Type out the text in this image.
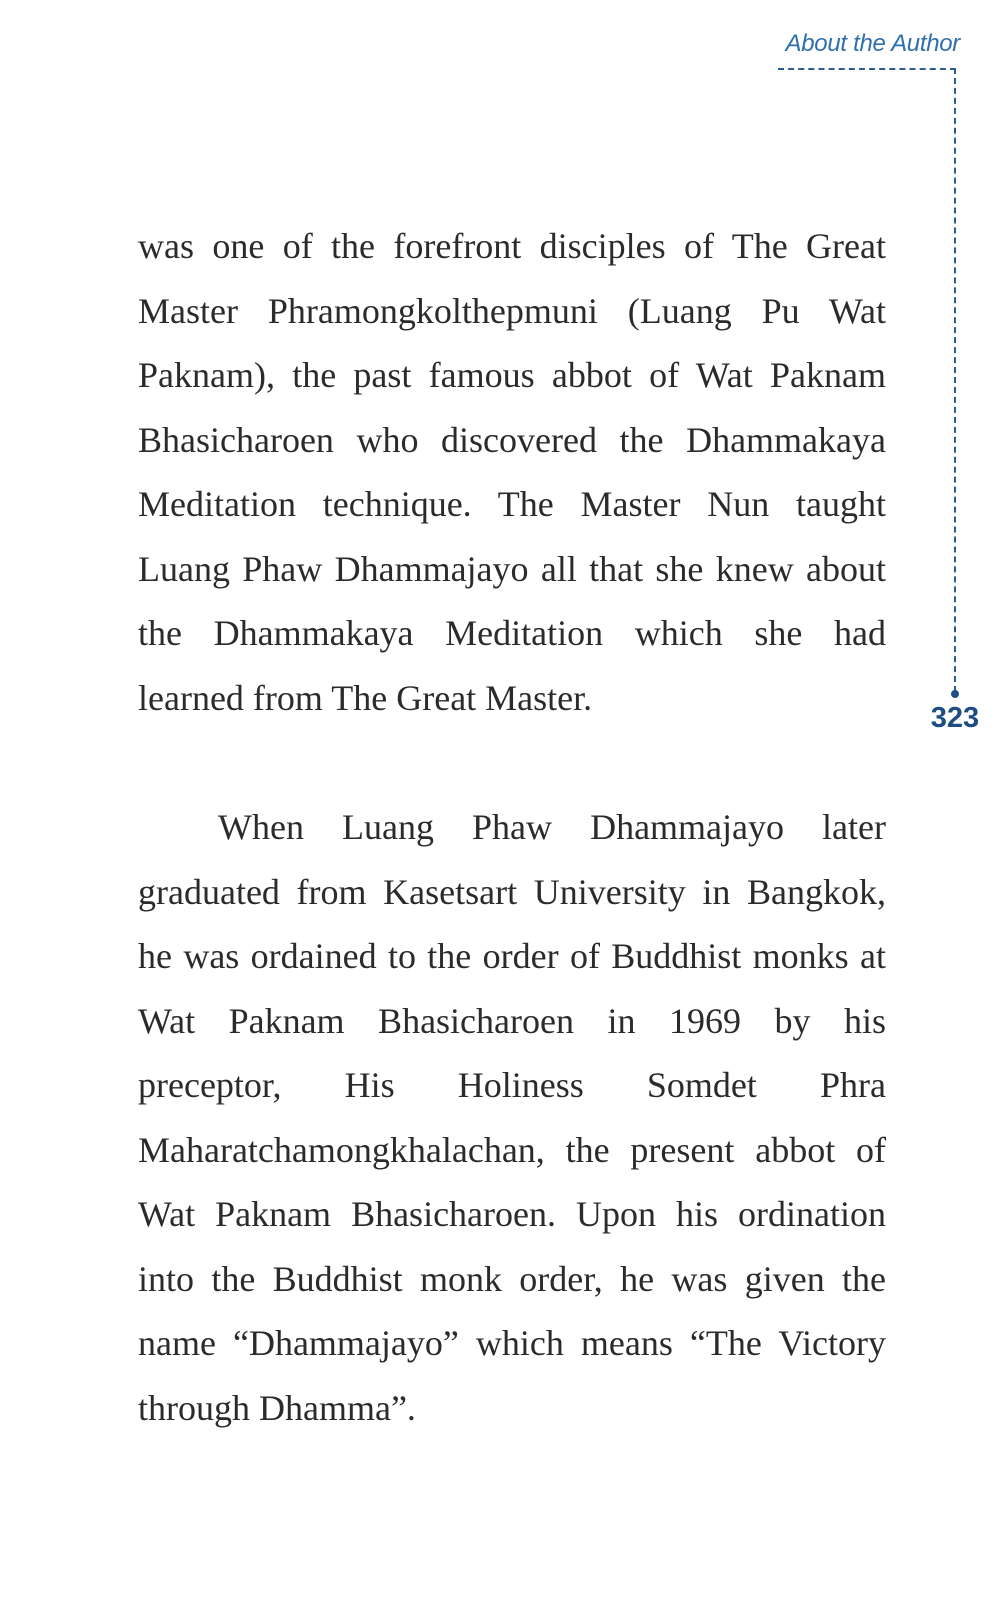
About the Author
323

was one of the forefront disciples of The Great Master Phramongkolthepmuni (Luang Pu Wat Paknam), the past famous abbot of Wat Paknam Bhasicharoen who discovered the Dhammakaya Meditation technique. The Master Nun taught Luang Phaw Dhammajayo all that she knew about the Dhammakaya Meditation which she had learned from The Great Master.

When Luang Phaw Dhammajayo later graduated from Kasetsart University in Bangkok, he was ordained to the order of Buddhist monks at Wat Paknam Bhasicharoen in 1969 by his preceptor, His Holiness Somdet Phra Maharatchamongkhalachan, the present abbot of Wat Paknam Bhasicharoen. Upon his ordination into the Buddhist monk order, he was given the name “Dhammajayo” which means “The Victory through Dhamma”.
